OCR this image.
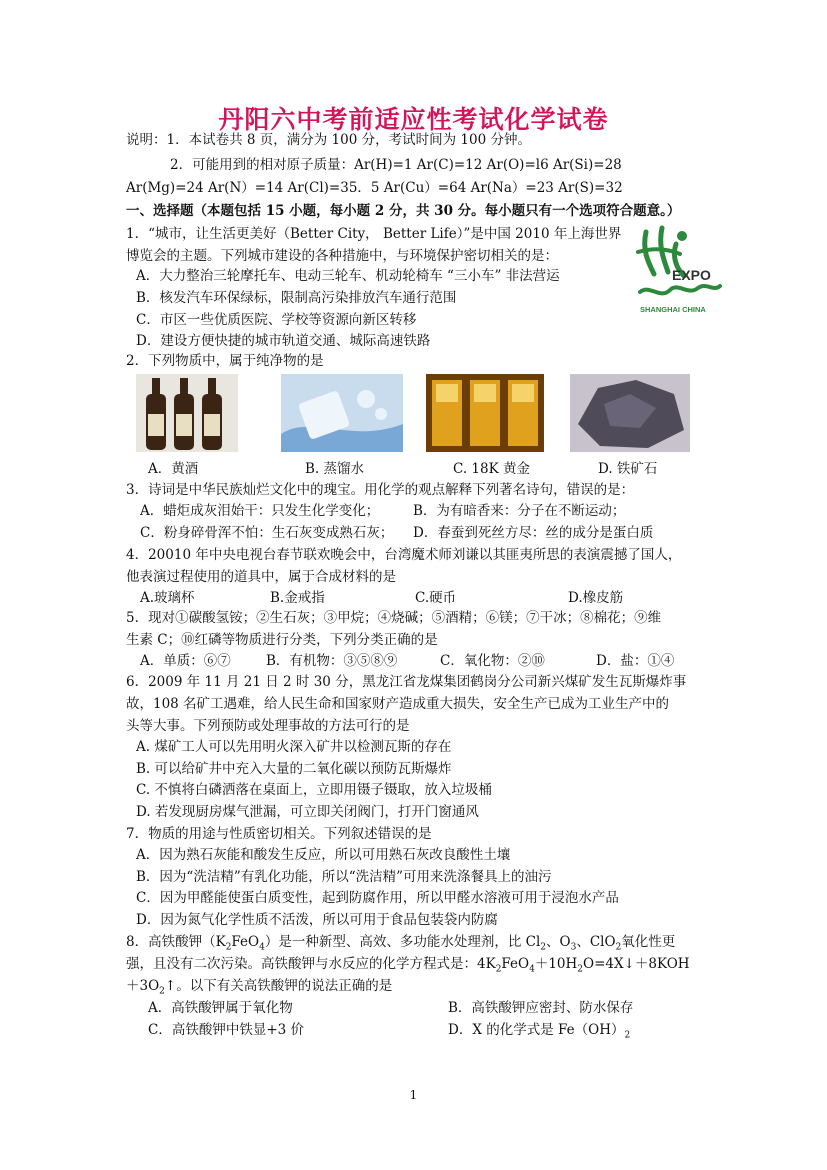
丹阳六中考前适应性考试化学试卷
说明：1．本试卷共 8 页，满分为 100 分，考试时间为 100 分钟。
2．可能用到的相对原子质量：Ar(H)=1 Ar(C)=12 Ar(O)=l6 Ar(Si)=28
Ar(Mg)=24 Ar(N）=14 Ar(Cl)=35．5 Ar(Cu）=64 Ar(Na）=23 Ar(S)=32
一、选择题（本题包括 15 小题，每小题 2 分，共 30 分。每小题只有一个选项符合题意。）
1．“城市，让生活更美好（Better City， Better Life）”是中国 2010 年上海世界
博览会的主题。下列城市建设的各种措施中，与环境保护密切相关的是：
A．大力整治三轮摩托车、电动三轮车、机动轮椅车 “三小车” 非法营运
B．核发汽车环保绿标，限制高污染排放汽车通行范围
C．市区一些优质医院、学校等资源向新区转移
D．建设方便快捷的城市轨道交通、城际高速铁路
EXPO
SHANGHAI CHINA
2．下列物质中，属于纯净物的是
A．黄酒	B. 蒸馏水	C. 18K 黄金	D. 铁矿石
3．诗词是中华民族灿烂文化中的瑰宝。用化学的观点解释下列著名诗句，错误的是：
A．蜡炬成灰泪始干：只发生化学变化；	B．为有暗香来：分子在不断运动；
C．粉身碎骨浑不怕：生石灰变成熟石灰； D．春蚕到死丝方尽：丝的成分是蛋白质
4．20010 年中央电视台春节联欢晚会中，台湾魔术师刘谦以其匪夷所思的表演震撼了国人，
他表演过程使用的道具中，属于合成材料的是
A.玻璃杯	B.金戒指	C.硬币	D.橡皮筋
5．现对①碳酸氢铵；②生石灰；③甲烷；④烧碱；⑤酒精；⑥镁；⑦干冰；⑧棉花；⑨维
生素 C；⑩红磷等物质进行分类，下列分类正确的是
A．单质：⑥⑦	B．有机物：③⑤⑧⑨	C．氧化物：②⑩	D．盐：①④
6．2009 年 11 月 21 日 2 时 30 分，黑龙江省龙煤集团鹤岗分公司新兴煤矿发生瓦斯爆炸事
故，108 名矿工遇难，给人民生命和国家财产造成重大损失，安全生产已成为工业生产中的
头等大事。下列预防或处理事故的方法可行的是
A. 煤矿工人可以先用明火深入矿井以检测瓦斯的存在
B. 可以给矿井中充入大量的二氧化碳以预防瓦斯爆炸
C. 不慎将白磷洒落在桌面上，立即用镊子镊取，放入垃圾桶
D. 若发现厨房煤气泄漏，可立即关闭阀门，打开门窗通风
7．物质的用途与性质密切相关。下列叙述错误的是
A．因为熟石灰能和酸发生反应，所以可用熟石灰改良酸性土壤
B．因为“洗洁精”有乳化功能，所以“洗洁精”可用来洗涤餐具上的油污
C．因为甲醛能使蛋白质变性，起到防腐作用，所以甲醛水溶液可用于浸泡水产品
D．因为氮气化学性质不活泼，所以可用于食品包装袋内防腐
8．高铁酸钾$(K_2FeO_4)$是一种新型、高效、多功能水处理剂，比 $Cl_2$、$O_3$、ClO$_2$氧化性更
强，且没有二次污染。高铁酸钾与水反应的化学方程式是：$4K_2FeO_4+10H_2O=4X↓+8KOH$
$+3O_2↑$。以下有关高铁酸钾的说法正确的是
A．高铁酸钾属于氧化物	B．高铁酸钾应密封、防水保存
C．高铁酸钾中铁显+3 价	D．X 的化学式是 $Fe(OH)_2$
1
